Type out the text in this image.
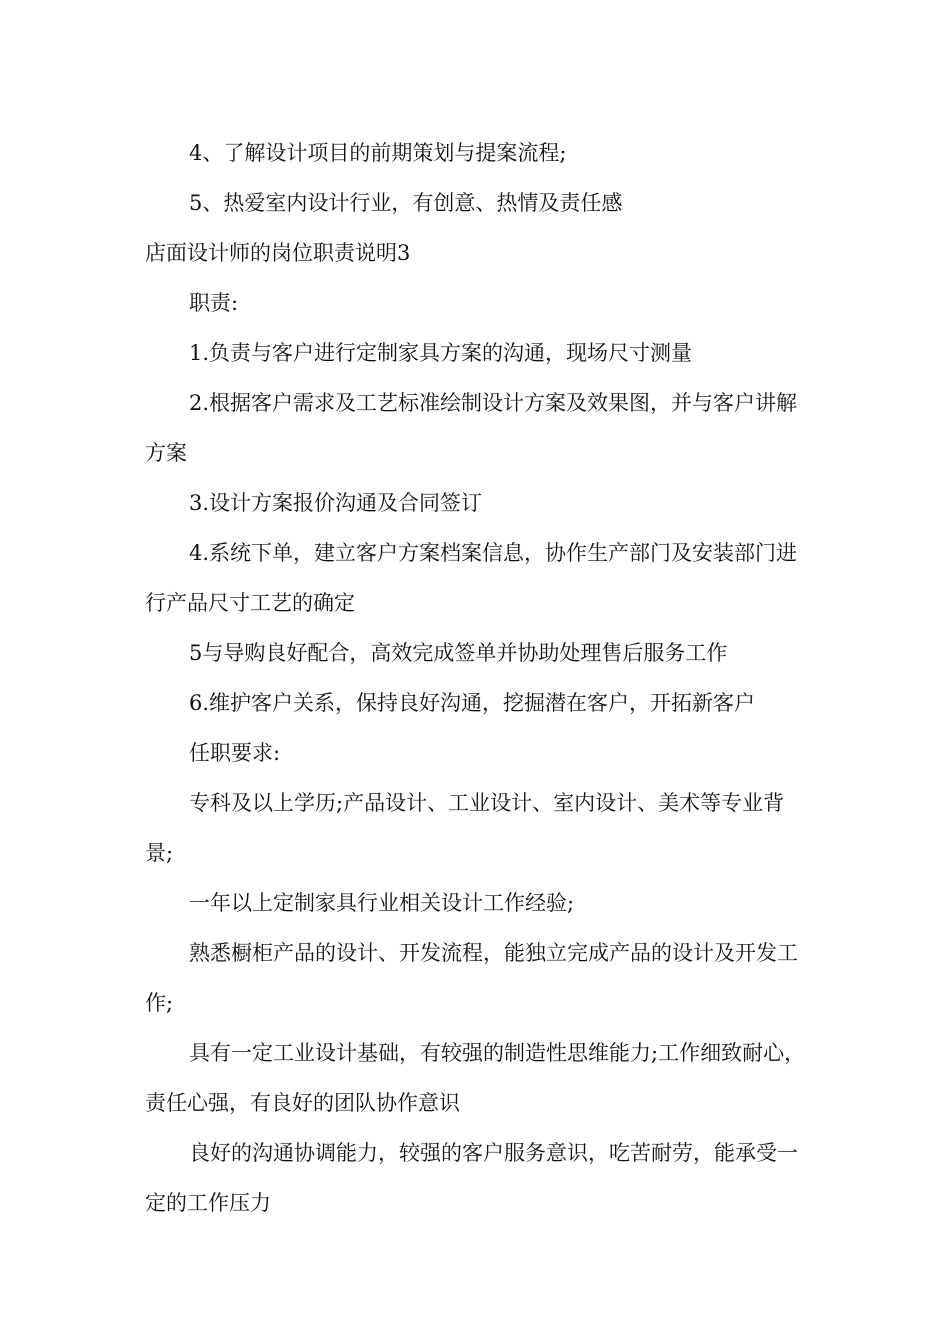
4、了解设计项目的前期策划与提案流程;

5、热爱室内设计行业，有创意、热情及责任感

店面设计师的岗位职责说明3

职责:

1.负责与客户进行定制家具方案的沟通，现场尺寸测量

2.根据客户需求及工艺标准绘制设计方案及效果图，并与客户讲解方案

3.设计方案报价沟通及合同签订

4.系统下单，建立客户方案档案信息，协作生产部门及安装部门进行产品尺寸工艺的确定

5与导购良好配合，高效完成签单并协助处理售后服务工作

6.维护客户关系，保持良好沟通，挖掘潜在客户，开拓新客户

任职要求:

专科及以上学历;产品设计、工业设计、室内设计、美术等专业背景;

一年以上定制家具行业相关设计工作经验;

熟悉橱柜产品的设计、开发流程，能独立完成产品的设计及开发工作;

具有一定工业设计基础，有较强的制造性思维能力;工作细致耐心，责任心强，有良好的团队协作意识

良好的沟通协调能力，较强的客户服务意识，吃苦耐劳，能承受一定的工作压力
